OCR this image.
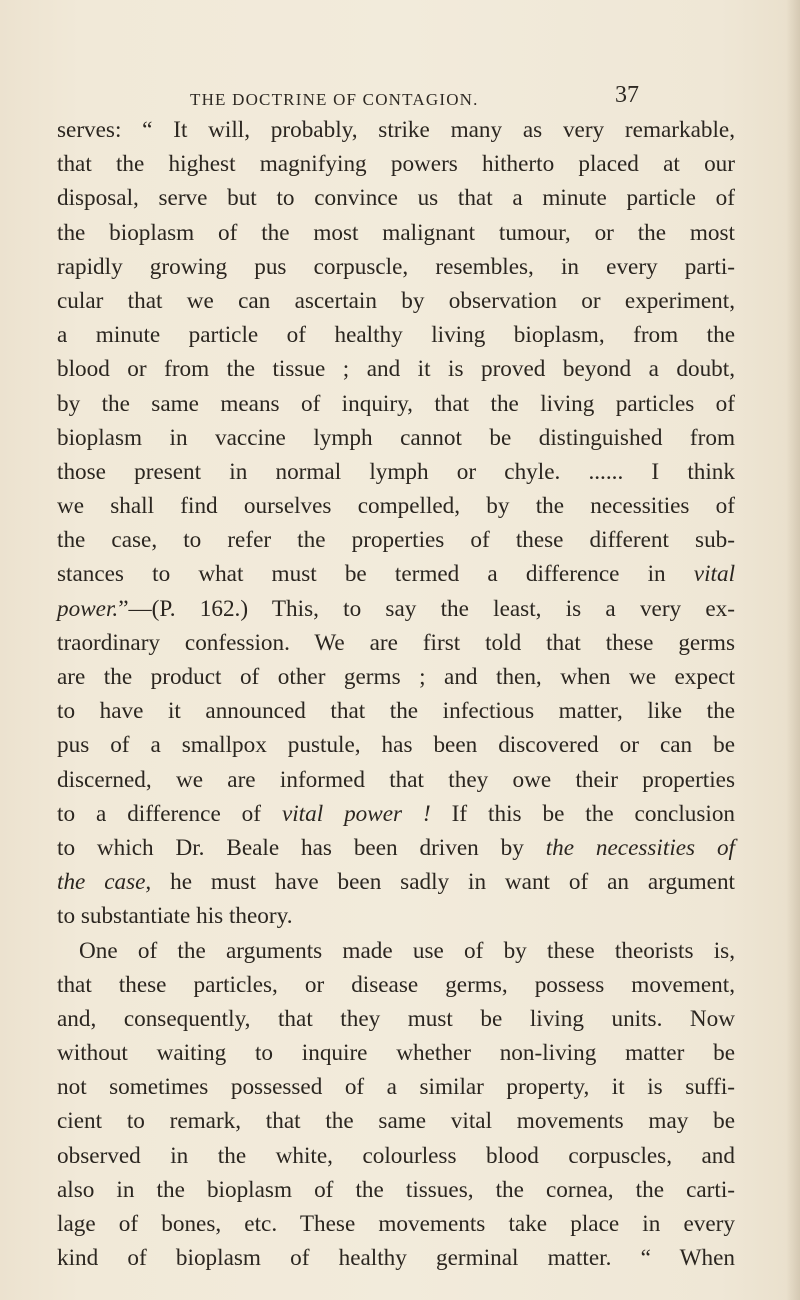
THE DOCTRINE OF CONTAGION.	37
serves: “ It will, probably, strike many as very remarkable,
that the highest magnifying powers hitherto placed at our
disposal, serve but to convince us that a minute particle of
the bioplasm of the most malignant tumour, or the most
rapidly growing pus corpuscle, resembles, in every parti-
cular that we can ascertain by observation or experiment,
a minute particle of healthy living bioplasm, from the
blood or from the tissue ; and it is proved beyond a doubt,
by the same means of inquiry, that the living particles of
bioplasm in vaccine lymph cannot be distinguished from
those present in normal lymph or chyle. ...... I think
we shall find ourselves compelled, by the necessities of
the case, to refer the properties of these different sub-
stances to what must be termed a difference in vital
power.”—(P. 162.) This, to say the least, is a very ex-
traordinary confession. We are first told that these germs
are the product of other germs ; and then, when we expect
to have it announced that the infectious matter, like the
pus of a smallpox pustule, has been discovered or can be
discerned, we are informed that they owe their properties
to a difference of vital power ! If this be the conclusion
to which Dr. Beale has been driven by the necessities of
the case, he must have been sadly in want of an argument
to substantiate his theory.
One of the arguments made use of by these theorists is,
that these particles, or disease germs, possess movement,
and, consequently, that they must be living units. Now
without waiting to inquire whether non-living matter be
not sometimes possessed of a similar property, it is suffi-
cient to remark, that the same vital movements may be
observed in the white, colourless blood corpuscles, and
also in the bioplasm of the tissues, the cornea, the carti-
lage of bones, etc. These movements take place in every
kind of bioplasm of healthy germinal matter. “ When
